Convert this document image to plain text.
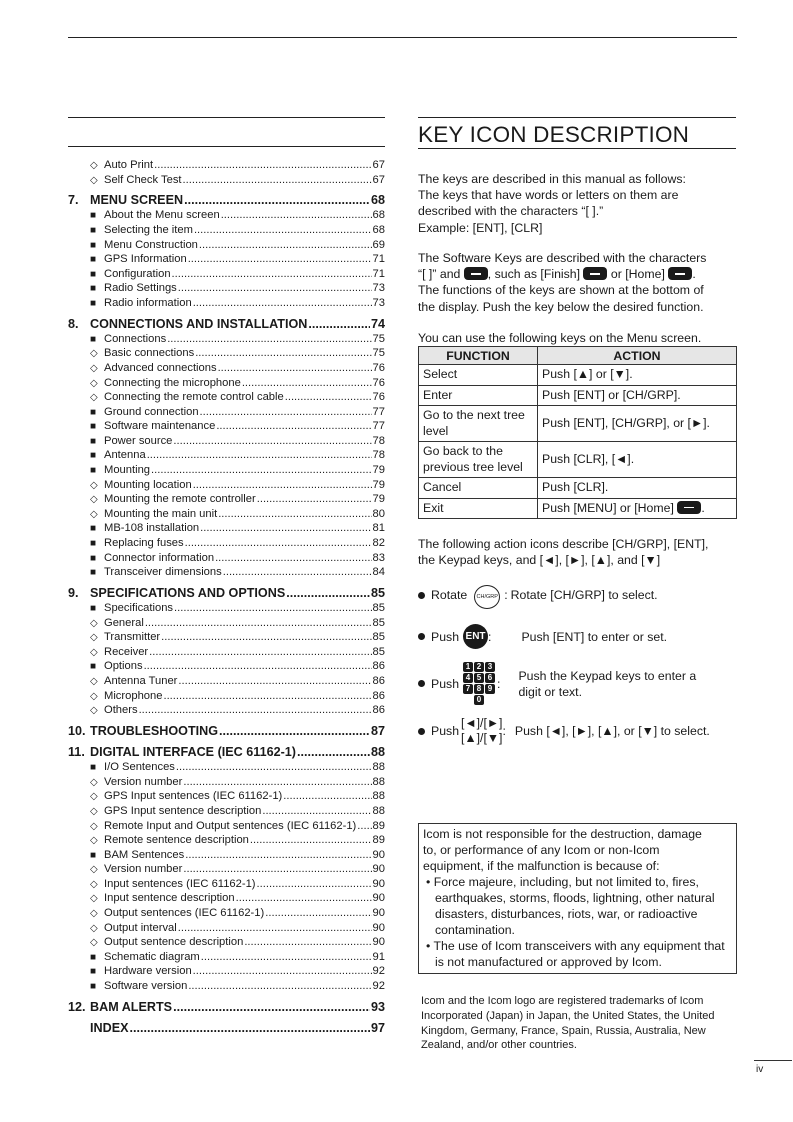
◇ Auto Print .....	67
◇ Self Check Test .....	67
7. MENU SCREEN .....	68
■ About the Menu screen .....	68
■ Selecting the item .....	68
■ Menu Construction .....	69
■ GPS Information .....	71
■ Configuration .....	71
■ Radio Settings .....	73
■ Radio information .....	73
8. CONNECTIONS AND INSTALLATION .....	74
■ Connections .....	75
◇ Basic connections .....	75
◇ Advanced connections .....	76
◇ Connecting the microphone .....	76
◇ Connecting the remote control cable .....	76
■ Ground connection .....	77
■ Software maintenance .....	77
■ Power source .....	78
■ Antenna .....	78
■ Mounting .....	79
◇ Mounting location .....	79
◇ Mounting the remote controller .....	79
◇ Mounting the main unit .....	80
■ MB-108 installation .....	81
■ Replacing fuses .....	82
■ Connector information .....	83
■ Transceiver dimensions .....	84
9. SPECIFICATIONS AND OPTIONS .....	85
■ Specifications .....	85
◇ General .....	85
◇ Transmitter .....	85
◇ Receiver .....	85
■ Options .....	86
◇ Antenna Tuner .....	86
◇ Microphone .....	86
◇ Others .....	86
10. TROUBLESHOOTING .....	87
11. DIGITAL INTERFACE (IEC 61162-1) .....	88
■ I/O Sentences .....	88
◇ Version number .....	88
◇ GPS Input sentences (IEC 61162-1) .....	88
◇ GPS Input sentence description .....	88
◇ Remote Input and Output sentences (IEC 61162-1) ..... 89
◇ Remote sentence description .....	89
■ BAM Sentences .....	90
◇ Version number .....	90
◇ Input sentences (IEC 61162-1) .....	90
◇ Input sentence description .....	90
◇ Output sentences (IEC 61162-1) .....	90
◇ Output interval .....	90
◇ Output sentence description .....	90
■ Schematic diagram .....	91
■ Hardware version .....	92
■ Software version .....	92
12. BAM ALERTS .....	93
INDEX .....	97
KEY ICON DESCRIPTION
The keys are described in this manual as follows:
The keys that have words or letters on them are
described with the characters “[ ].”
Example: [ENT], [CLR]
The Software Keys are described with the characters
“[ ]” and , such as [Finish]	or [Home] .
The functions of the keys are shown at the bottom of
the display. Push the key below the desired function.
You can use the following keys on the Menu screen.
FUNCTION	ACTION
Select	Push [▲] or [▼].
Enter	Push [ENT] or [CH/GRP].
Go to the next tree level	Push [ENT], [CH/GRP], or [►].
Go back to the previous tree level	Push [CLR], [◄].
Cancel	Push [CLR].
Exit	Push [MENU] or [Home] .
The following action icons describe [CH/GRP], [ENT],
the Keypad keys, and [◄], [►], [▲], and [▼]
Rotate	CH/GRP : Rotate [CH/GRP] to select.
Push ENT : Push [ENT] to enter or set.
Push
1 2 3
4 5 6
7 8 9
0
:
Push the Keypad keys to enter a
digit or text.
Push
[◄]/[►]
[▲]/[▼] : Push [◄], [►], [▲], or [▼] to select.
Icom is not responsible for the destruction, damage
to, or performance of any Icom or non-Icom
equipment, if the malfunction is because of:
• Force majeure, including, but not limited to, fires, earthquakes, storms, floods, lightning, other natural disasters, disturbances, riots, war, or radioactive contamination.
• The use of Icom transceivers with any equipment that is not manufactured or approved by Icom.
Icom and the Icom logo are registered trademarks of Icom Incorporated (Japan) in Japan, the United States, the United Kingdom, Germany, France, Spain, Russia, Australia, New Zealand, and/or other countries.
iv
